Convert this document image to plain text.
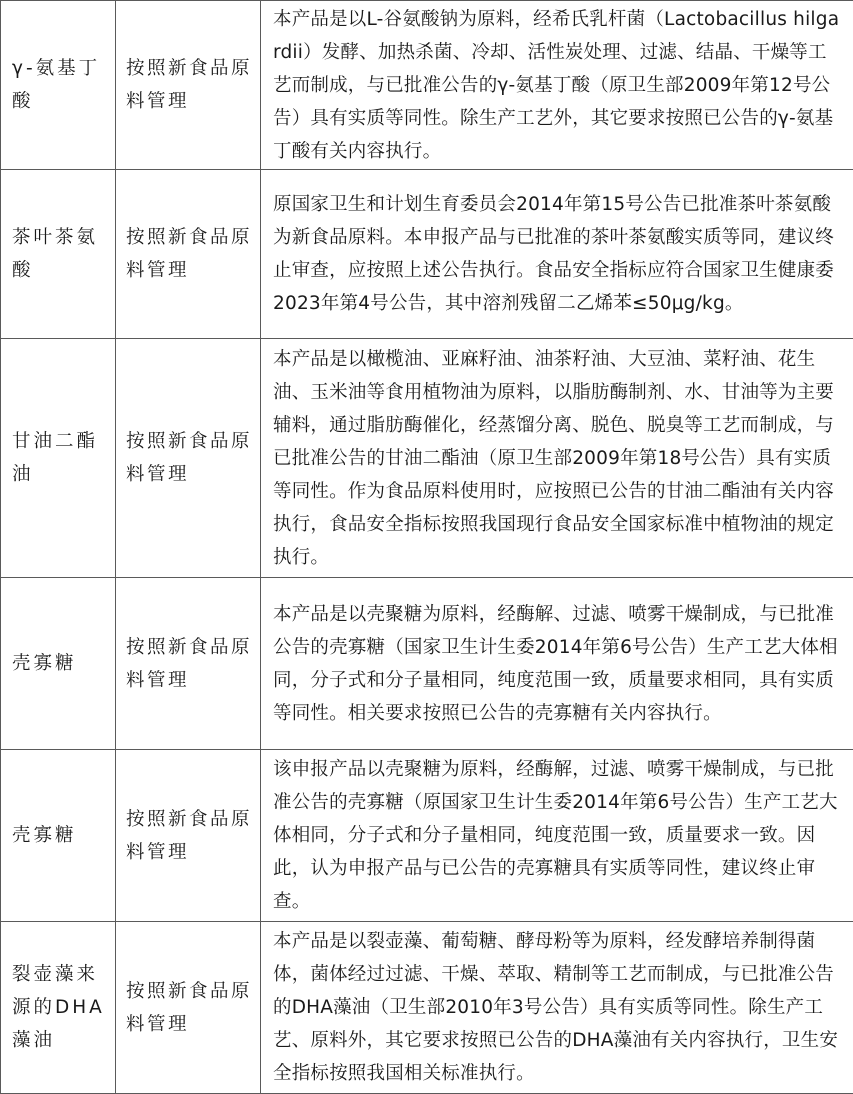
γ-氨基丁酸	按照新食品原料管理	本产品是以L-谷氨酸钠为原料，经希氏乳杆菌（Lactobacillus hilgardii）发酵、加热杀菌、冷却、活性炭处理、过滤、结晶、干燥等工艺而制成，与已批准公告的γ-氨基丁酸（原卫生部2009年第12号公告）具有实质等同性。除生产工艺外，其它要求按照已公告的γ-氨基丁酸有关内容执行。
茶叶茶氨酸	按照新食品原料管理	原国家卫生和计划生育委员会2014年第15号公告已批准茶叶茶氨酸为新食品原料。本申报产品与已批准的茶叶茶氨酸实质等同，建议终止审查，应按照上述公告执行。食品安全指标应符合国家卫生健康委2023年第4号公告，其中溶剂残留二乙烯苯≤50μg/kg。
甘油二酯油	按照新食品原料管理	本产品是以橄榄油、亚麻籽油、油茶籽油、大豆油、菜籽油、花生油、玉米油等食用植物油为原料，以脂肪酶制剂、水、甘油等为主要辅料，通过脂肪酶催化，经蒸馏分离、脱色、脱臭等工艺而制成，与已批准公告的甘油二酯油（原卫生部2009年第18号公告）具有实质等同性。作为食品原料使用时，应按照已公告的甘油二酯油有关内容执行，食品安全指标按照我国现行食品安全国家标准中植物油的规定执行。
壳寡糖	按照新食品原料管理	本产品是以壳聚糖为原料，经酶解、过滤、喷雾干燥制成，与已批准公告的壳寡糖（国家卫生计生委2014年第6号公告）生产工艺大体相同，分子式和分子量相同，纯度范围一致，质量要求相同，具有实质等同性。相关要求按照已公告的壳寡糖有关内容执行。
壳寡糖	按照新食品原料管理	该申报产品以壳聚糖为原料，经酶解，过滤、喷雾干燥制成，与已批准公告的壳寡糖（原国家卫生计生委2014年第6号公告）生产工艺大体相同，分子式和分子量相同，纯度范围一致，质量要求一致。因此，认为申报产品与已公告的壳寡糖具有实质等同性，建议终止审查。
裂壶藻来源的DHA藻油	按照新食品原料管理	本产品是以裂壶藻、葡萄糖、酵母粉等为原料，经发酵培养制得菌体，菌体经过过滤、干燥、萃取、精制等工艺而制成，与已批准公告的DHA藻油（卫生部2010年3号公告）具有实质等同性。除生产工艺、原料外，其它要求按照已公告的DHA藻油有关内容执行，卫生安全指标按照我国相关标准执行。
